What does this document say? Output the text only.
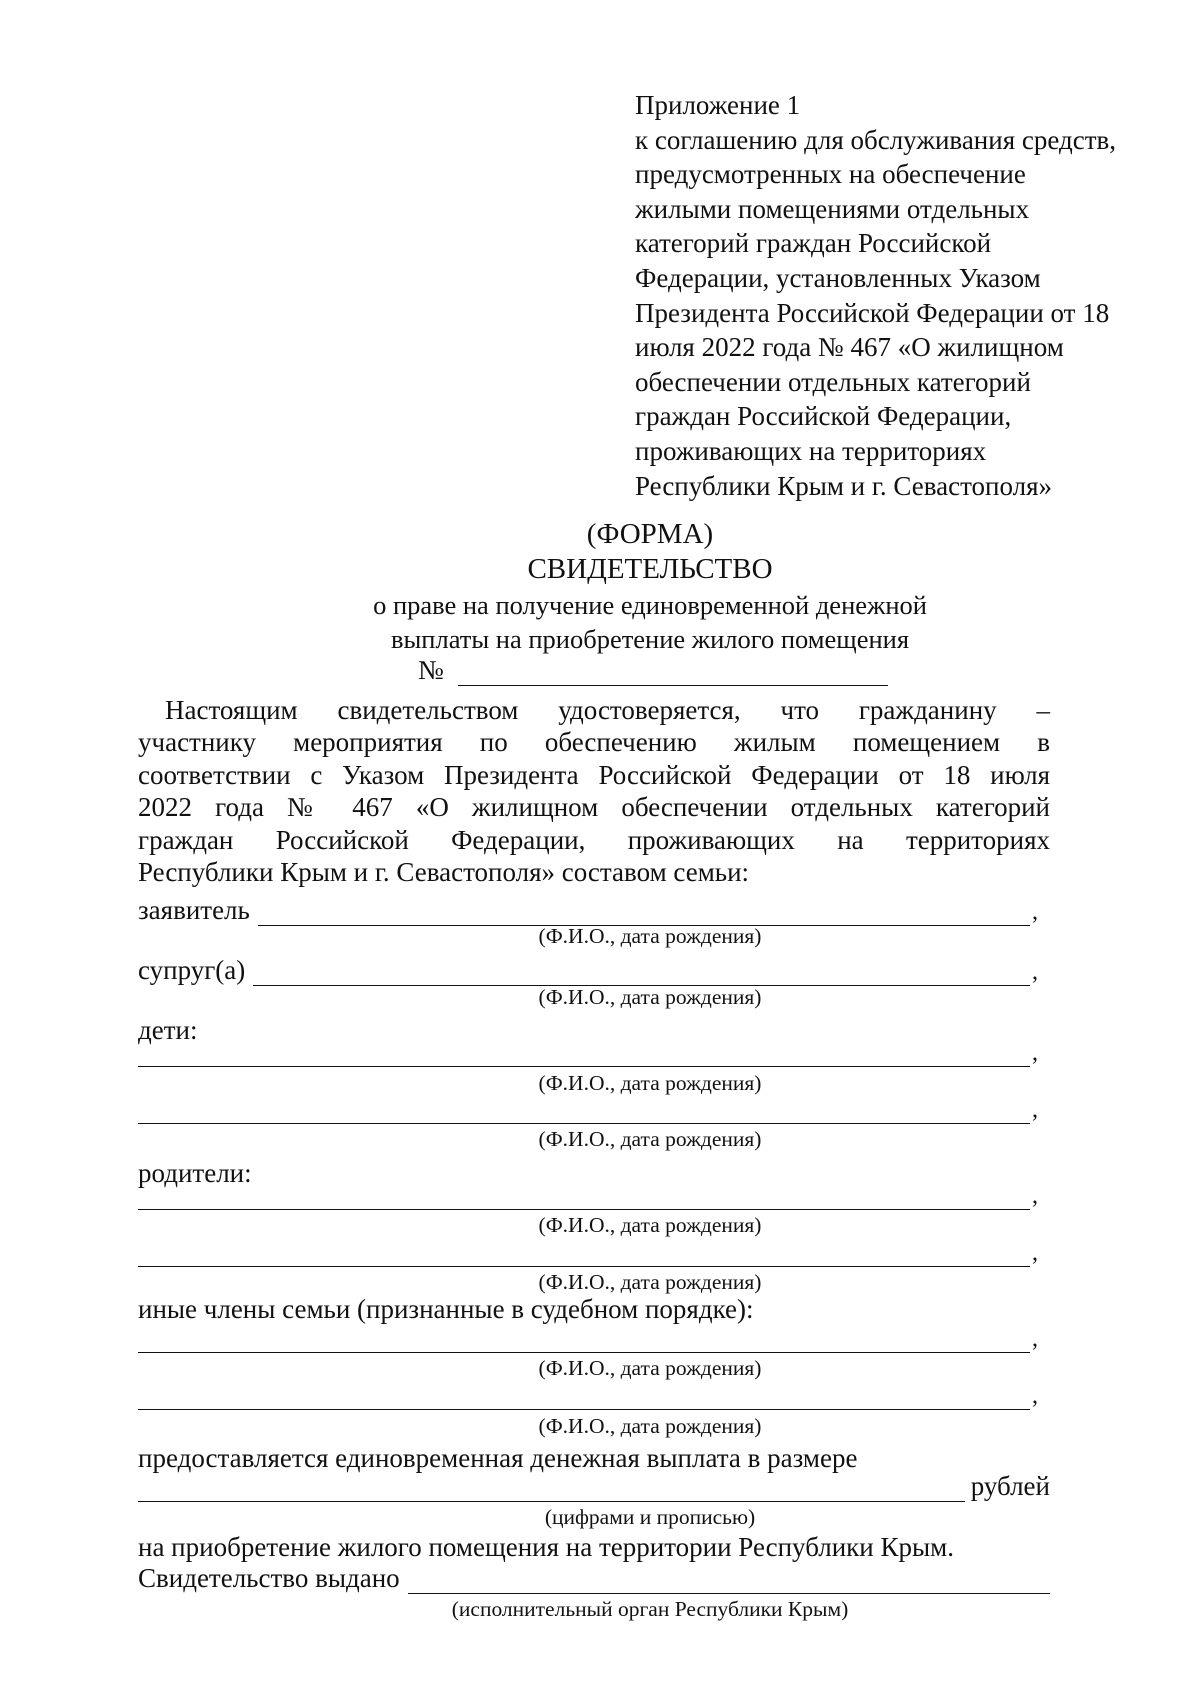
Приложение 1
к соглашению для обслуживания средств,
предусмотренных на обеспечение
жилыми помещениями отдельных
категорий граждан Российской
Федерации, установленных Указом
Президента Российской Федерации от 18
июля 2022 года № 467 «О жилищном
обеспечении отдельных категорий
граждан Российской Федерации,
проживающих на территориях
Республики Крым и г. Севастополя»
(ФОРМА)
СВИДЕТЕЛЬСТВО
о праве на получение единовременной денежной
выплаты на приобретение жилого помещения
№
Настоящим свидетельством удостоверяется, что гражданину –
участнику мероприятия по обеспечению жилым помещением в
соответствии с Указом Президента Российской Федерации от 18 июля
2022 года № 467 «О жилищном обеспечении отдельных категорий
граждан Российской Федерации, проживающих на территориях
Республики Крым и г. Севастополя» составом семьи:
заявитель	,
(Ф.И.О., дата рождения)
супруг(а)	,
(Ф.И.О., дата рождения)
дети:
,
(Ф.И.О., дата рождения)
,
(Ф.И.О., дата рождения)
родители:
,
(Ф.И.О., дата рождения)
,
(Ф.И.О., дата рождения)
иные члены семьи (признанные в судебном порядке):
,
(Ф.И.О., дата рождения)
,
(Ф.И.О., дата рождения)
предоставляется единовременная денежная выплата в размере
рублей
(цифрами и прописью)
на приобретение жилого помещения на территории Республики Крым.
Свидетельство выдано
(исполнительный орган Республики Крым)
